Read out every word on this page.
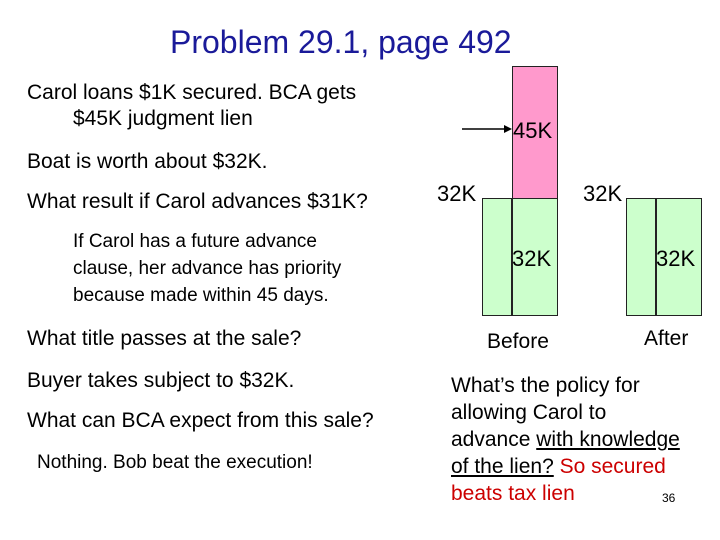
Problem 29.1, page 492
Carol loans $1K secured. BCA gets
$45K judgment lien
Boat is worth about $32K.
What result if Carol advances $31K?
If Carol has a future advance
clause, her advance has priority
because made within 45 days.
What title passes at the sale?
Buyer takes subject to $32K.
What can BCA expect from this sale?
Nothing. Bob beat the execution!
45K
32K	32K
32K	32K
Before	After
What’s the policy for
allowing Carol to
advance with knowledge
of the lien? So secured
beats tax lien	36
